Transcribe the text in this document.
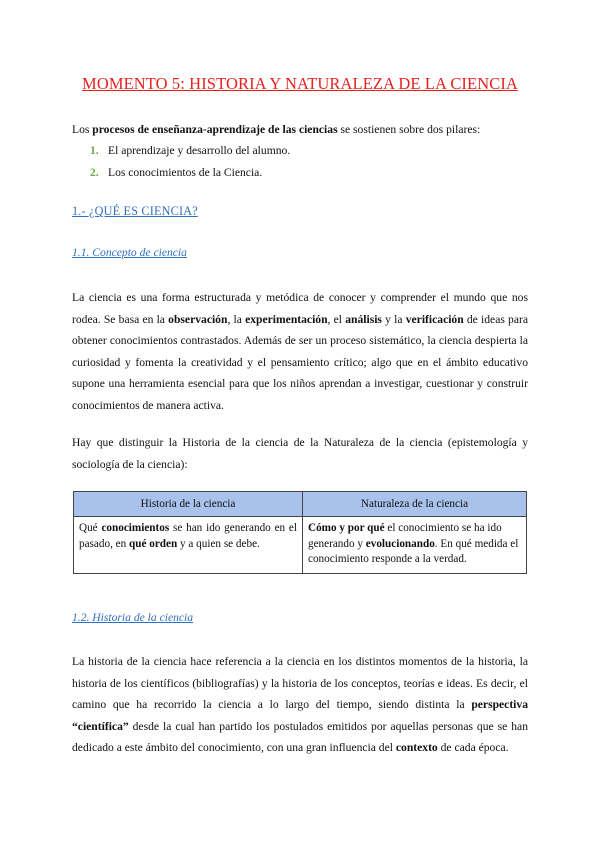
MOMENTO 5: HISTORIA Y NATURALEZA DE LA CIENCIA
Los procesos de enseñanza-aprendizaje de las ciencias se sostienen sobre dos pilares:
1. El aprendizaje y desarrollo del alumno.
2. Los conocimientos de la Ciencia.
1.- ¿QUÉ ES CIENCIA?
1.1. Concepto de ciencia
La ciencia es una forma estructurada y metódica de conocer y comprender el mundo que nos rodea. Se basa en la observación, la experimentación, el análisis y la verificación de ideas para obtener conocimientos contrastados. Además de ser un proceso sistemático, la ciencia despierta la curiosidad y fomenta la creatividad y el pensamiento crítico; algo que en el ámbito educativo supone una herramienta esencial para que los niños aprendan a investigar, cuestionar y construir conocimientos de manera activa.
Hay que distinguir la Historia de la ciencia de la Naturaleza de la ciencia (epistemología y sociología de la ciencia):
Historia de la ciencia	Naturaleza de la ciencia
Qué conocimientos se han ido generando en el pasado, en qué orden y a quien se debe.	Cómo y por qué el conocimiento se ha ido generando y evolucionando. En qué medida el conocimiento responde a la verdad.
1.2. Historia de la ciencia
La historia de la ciencia hace referencia a la ciencia en los distintos momentos de la historia, la historia de los científicos (bibliografías) y la historia de los conceptos, teorías e ideas. Es decir, el camino que ha recorrido la ciencia a lo largo del tiempo, siendo distinta la perspectiva “científica” desde la cual han partido los postulados emitidos por aquellas personas que se han dedicado a este ámbito del conocimiento, con una gran influencia del contexto de cada época.
